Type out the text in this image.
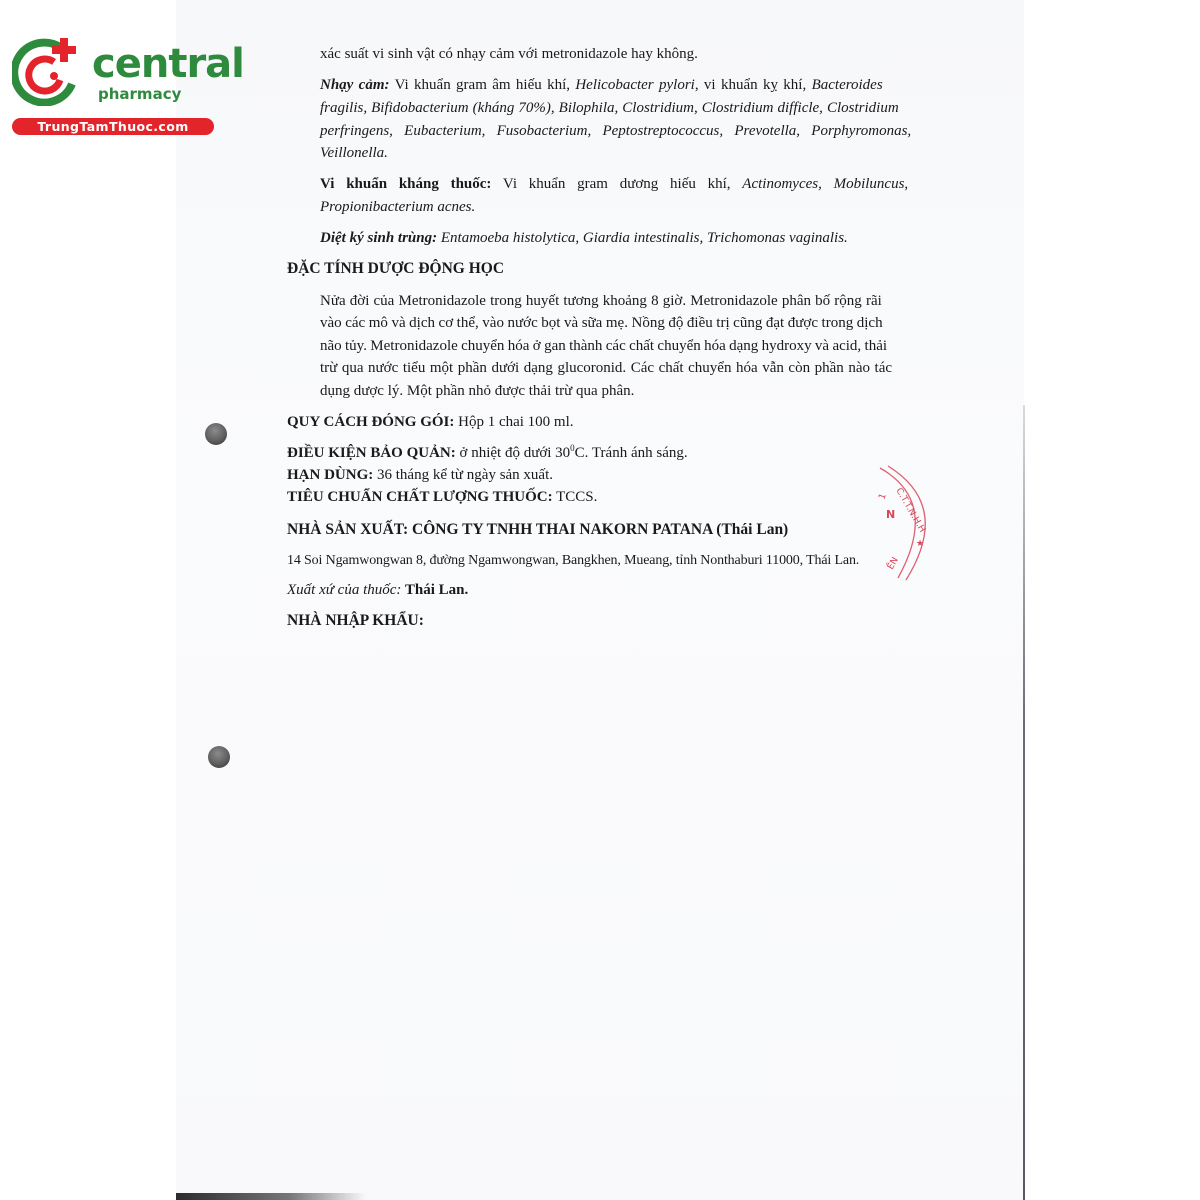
central
pharmacy
TrungTamThuoc.com
xác suất vi sinh vật có nhạy cảm với metronidazole hay không.
Nhạy cảm: Vi khuẩn gram âm hiếu khí, Helicobacter pylori, vi khuẩn kỵ khí, Bacteroides
fragilis, Bifidobacterium (kháng 70%), Bilophila, Clostridium, Clostridium difficle, Clostridium
perfringens, Eubacterium, Fusobacterium, Peptostreptococcus, Prevotella, Porphyromonas,
Veillonella.
Vi khuẩn kháng thuốc: Vi khuẩn gram dương hiếu khí, Actinomyces, Mobiluncus,
Propionibacterium acnes.
Diệt ký sinh trùng: Entamoeba histolytica, Giardia intestinalis, Trichomonas vaginalis.
ĐẶC TÍNH DƯỢC ĐỘNG HỌC
Nửa đời của Metronidazole trong huyết tương khoảng 8 giờ. Metronidazole phân bố rộng rãi
vào các mô và dịch cơ thể, vào nước bọt và sữa mẹ. Nồng độ điều trị cũng đạt được trong dịch
não tủy. Metronidazole chuyển hóa ở gan thành các chất chuyển hóa dạng hydroxy và acid, thải
trừ qua nước tiểu một phần dưới dạng glucoronid. Các chất chuyển hóa vẫn còn phần nào tác
dụng dược lý. Một phần nhỏ được thải trừ qua phân.
QUY CÁCH ĐÓNG GÓI: Hộp 1 chai 100 ml.
ĐIỀU KIỆN BẢO QUẢN: ở nhiệt độ dưới $30^0C$. Tránh ánh sáng.
HẠN DÙNG: 36 tháng kể từ ngày sản xuất.
TIÊU CHUẨN CHẤT LƯỢNG THUỐC: TCCS.
NHÀ SẢN XUẤT: CÔNG TY TNHH THAI NAKORN PATANA (Thái Lan)
14 Soi Ngamwongwan 8, đường Ngamwongwan, Bangkhen, Mueang, tỉnh Nonthaburi 11000, Thái Lan.
Xuất xứ của thuốc: Thái Lan.
NHÀ NHẬP KHẨU:
C.T.T.N.H.H
★
N
1
ÊN
